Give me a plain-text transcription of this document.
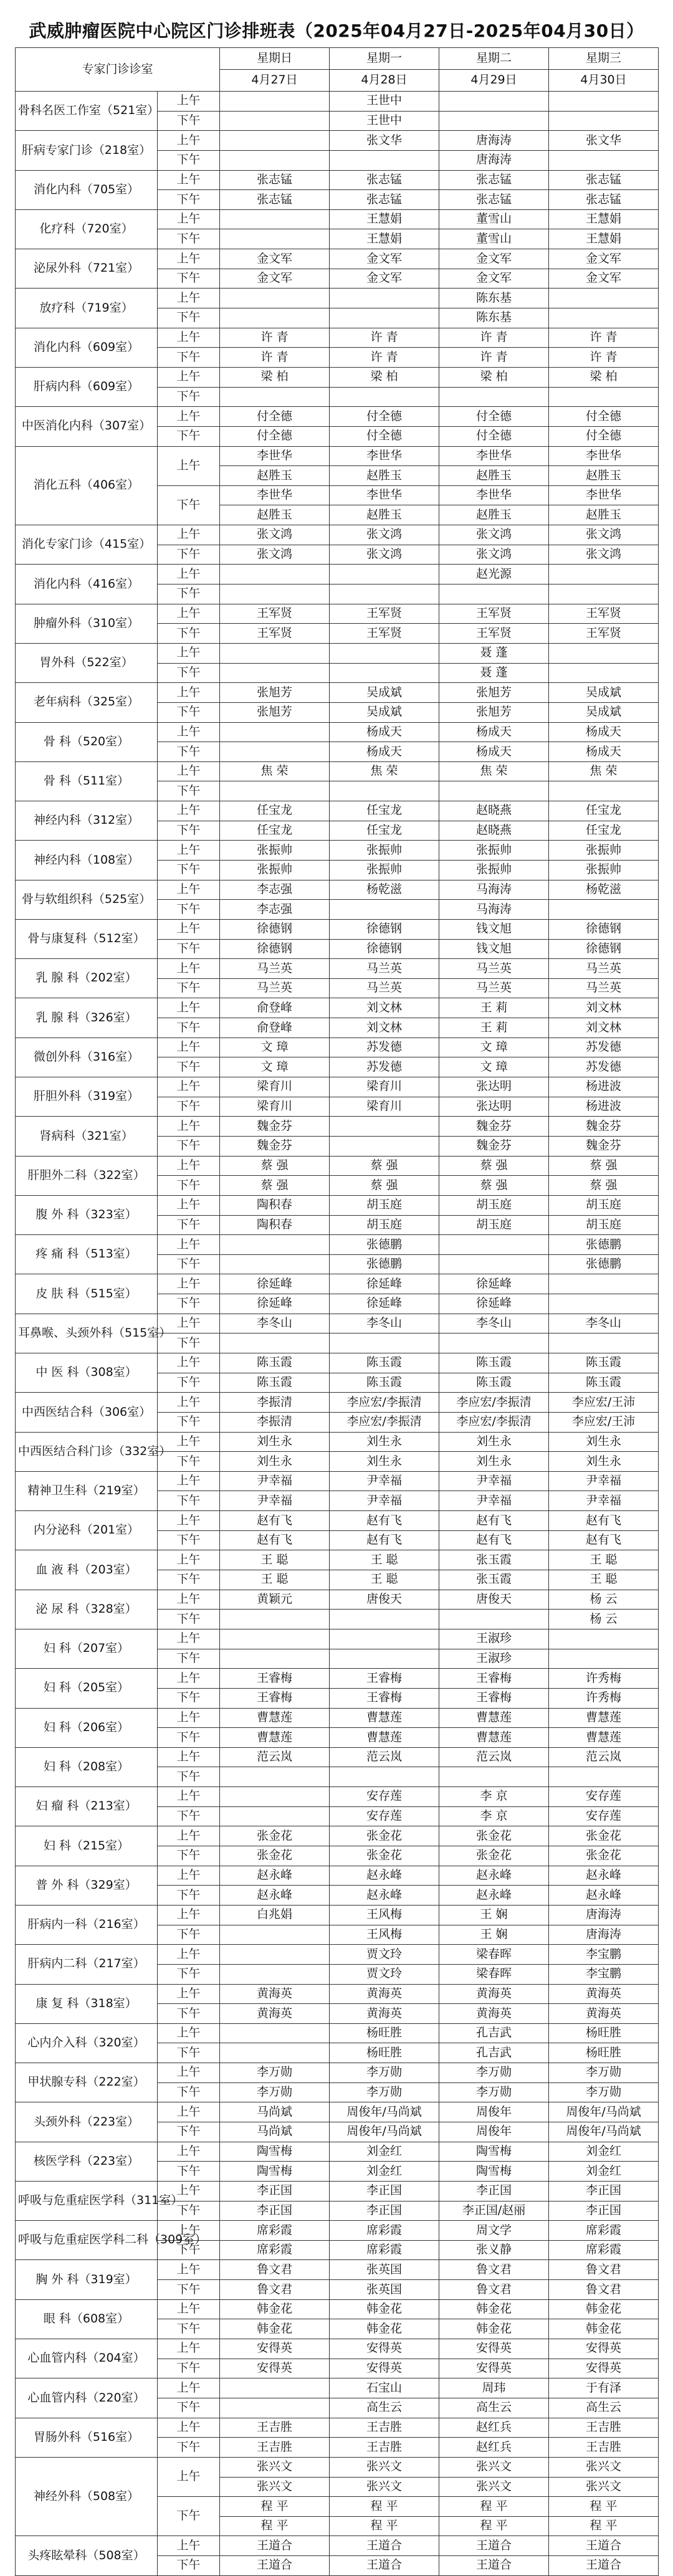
武威肿瘤医院中心院区门诊排班表（2025年04月27日-2025年04月30日）
专家门诊诊室		星期日	星期一	星期二	星期三
		4月27日	4月28日	4月29日	4月30日
骨科名医工作室（521室）	上午		王世中		
	下午		王世中		
肝病专家门诊（218室）	上午		张文华	唐海涛	张文华
	下午			唐海涛	
消化内科（705室）	上午	张志锰	张志锰	张志锰	张志锰
	下午	张志锰	张志锰	张志锰	张志锰
化疗科（720室）	上午		王慧娟	董雪山	王慧娟
	下午		王慧娟	董雪山	王慧娟
泌尿外科（721室）	上午	金文军	金文军	金文军	金文军
	下午	金文军	金文军	金文军	金文军
放疗科（719室）	上午			陈东基	
	下午			陈东基	
消化内科（609室）	上午	许 青	许 青	许 青	许 青
	下午	许 青	许 青	许 青	许 青
肝病内科（609室）	上午	梁 柏	梁 柏	梁 柏	梁 柏
	下午				
中医消化内科（307室）	上午	付全德	付全德	付全德	付全德
	下午	付全德	付全德	付全德	付全德
消化五科（406室）	上午	李世华	李世华	李世华	李世华
		赵胜玉	赵胜玉	赵胜玉	赵胜玉
	下午	李世华	李世华	李世华	李世华
		赵胜玉	赵胜玉	赵胜玉	赵胜玉
消化专家门诊（415室）	上午	张文鸿	张文鸿	张文鸿	张文鸿
	下午	张文鸿	张文鸿	张文鸿	张文鸿
消化内科（416室）	上午			赵光源	
	下午				
肿瘤外科（310室）	上午	王军贤	王军贤	王军贤	王军贤
	下午	王军贤	王军贤	王军贤	王军贤
胃外科（522室）	上午			聂 蓬	
	下午			聂 蓬	
老年病科（325室）	上午	张旭芳	吴成斌	张旭芳	吴成斌
	下午	张旭芳	吴成斌	张旭芳	吴成斌
骨 科（520室）	上午		杨成天	杨成天	杨成天
	下午		杨成天	杨成天	杨成天
骨 科（511室）	上午	焦 荣	焦 荣	焦 荣	焦 荣
	下午				
神经内科（312室）	上午	任宝龙	任宝龙	赵晓燕	任宝龙
	下午	任宝龙	任宝龙	赵晓燕	任宝龙
神经内科（108室）	上午	张振帅	张振帅	张振帅	张振帅
	下午	张振帅	张振帅	张振帅	张振帅
骨与软组织科（525室）	上午	李志强	杨乾滋	马海涛	杨乾滋
	下午	李志强		马海涛	
骨与康复科（512室）	上午	徐德钢	徐德钢	钱文旭	徐德钢
	下午	徐德钢	徐德钢	钱文旭	徐德钢
乳 腺 科（202室）	上午	马兰英	马兰英	马兰英	马兰英
	下午	马兰英	马兰英	马兰英	马兰英
乳 腺 科（326室）	上午	俞登峰	刘文林	王 莉	刘文林
	下午	俞登峰	刘文林	王 莉	刘文林
微创外科（316室）	上午	文 璋	苏发德	文 璋	苏发德
	下午	文 璋	苏发德	文 璋	苏发德
肝胆外科（319室）	上午	梁育川	梁育川	张达明	杨进波
	下午	梁育川	梁育川	张达明	杨进波
肾病科（321室）	上午	魏金芬		魏金芬	魏金芬
	下午	魏金芬		魏金芬	魏金芬
肝胆外二科（322室）	上午	蔡 强	蔡 强	蔡 强	蔡 强
	下午	蔡 强	蔡 强	蔡 强	蔡 强
腹 外 科（323室）	上午	陶积春	胡玉庭	胡玉庭	胡玉庭
	下午	陶积春	胡玉庭	胡玉庭	胡玉庭
疼 痛 科（513室）	上午		张德鹏		张德鹏
	下午		张德鹏		张德鹏
皮 肤 科（515室）	上午	徐延峰	徐延峰	徐延峰	
	下午	徐延峰	徐延峰	徐延峰	
耳鼻喉、头颈外科（515室）	上午	李冬山	李冬山	李冬山	李冬山
	下午				
中 医 科（308室）	上午	陈玉霞	陈玉霞	陈玉霞	陈玉霞
	下午	陈玉霞	陈玉霞	陈玉霞	陈玉霞
中西医结合科（306室）	上午	李振清	李应宏/李振清	李应宏/李振清	李应宏/王沛
	下午	李振清	李应宏/李振清	李应宏/李振清	李应宏/王沛
中西医结合科门诊（332室）	上午	刘生永	刘生永	刘生永	刘生永
	下午	刘生永	刘生永	刘生永	刘生永
精神卫生科（219室）	上午	尹幸福	尹幸福	尹幸福	尹幸福
	下午	尹幸福	尹幸福	尹幸福	尹幸福
内分泌科（201室）	上午	赵有飞	赵有飞	赵有飞	赵有飞
	下午	赵有飞	赵有飞	赵有飞	赵有飞
血 液 科（203室）	上午	王 聪	王 聪	张玉霞	王 聪
	下午	王 聪	王 聪	张玉霞	王 聪
泌 尿 科（328室）	上午	黄颖元	唐俊天	唐俊天	杨 云
	下午				杨 云
妇 科（207室）	上午			王淑珍	
	下午			王淑珍	
妇 科（205室）	上午	王睿梅	王睿梅	王睿梅	许秀梅
	下午	王睿梅	王睿梅	王睿梅	许秀梅
妇 科（206室）	上午	曹慧莲	曹慧莲	曹慧莲	曹慧莲
	下午	曹慧莲	曹慧莲	曹慧莲	曹慧莲
妇 科（208室）	上午	范云岚	范云岚	范云岚	范云岚
	下午				
妇 瘤 科（213室）	上午		安存莲	李 京	安存莲
	下午		安存莲	李 京	安存莲
妇 科（215室）	上午	张金花	张金花	张金花	张金花
	下午	张金花	张金花	张金花	张金花
普 外 科（329室）	上午	赵永峰	赵永峰	赵永峰	赵永峰
	下午	赵永峰	赵永峰	赵永峰	赵永峰
肝病内一科（216室）	上午	白兆娟	王风梅	王 娴	唐海涛
	下午		王风梅	王 娴	唐海涛
肝病内二科（217室）	上午		贾文玲	梁春晖	李宝鹏
	下午		贾文玲	梁春晖	李宝鹏
康 复 科（318室）	上午	黄海英	黄海英	黄海英	黄海英
	下午	黄海英	黄海英	黄海英	黄海英
心内介入科（320室）	上午		杨旺胜	孔吉武	杨旺胜
	下午		杨旺胜	孔吉武	杨旺胜
甲状腺专科（222室）	上午	李万勋	李万勋	李万勋	李万勋
	下午	李万勋	李万勋	李万勋	李万勋
头颈外科（223室）	上午	马尚斌	周俊年/马尚斌	周俊年	周俊年/马尚斌
	下午	马尚斌	周俊年/马尚斌	周俊年	周俊年/马尚斌
核医学科（223室）	上午	陶雪梅	刘金红	陶雪梅	刘金红
	下午	陶雪梅	刘金红	陶雪梅	刘金红
呼吸与危重症医学科（311室）	上午	李正国	李正国	李正国	李正国
	下午	李正国	李正国	李正国/赵丽	李正国
呼吸与危重症医学科二科（309室）	上午	席彩霞	席彩霞	周文学	席彩霞
	下午	席彩霞	席彩霞	张义静	席彩霞
胸 外 科（319室）	上午	鲁文君	张英国	鲁文君	鲁文君
	下午	鲁文君	张英国	鲁文君	鲁文君
眼 科（608室）	上午	韩金花	韩金花	韩金花	韩金花
	下午	韩金花	韩金花	韩金花	韩金花
心血管内科（204室）	上午	安得英	安得英	安得英	安得英
	下午	安得英	安得英	安得英	安得英
心血管内科（220室）	上午		石宝山	周玮	于有泽
	下午		高生云	高生云	高生云
胃肠外科（516室）	上午	王吉胜	王吉胜	赵红兵	王吉胜
	下午	王吉胜	王吉胜	赵红兵	王吉胜
神经外科（508室）	上午	张兴文	张兴文	张兴文	张兴文
		张兴文	张兴文	张兴文	张兴文
	下午	程 平	程 平	程 平	程 平
		程 平	程 平	程 平	程 平
头疼眩晕科（508室）	上午	王道合	王道合	王道合	王道合
	下午	王道合	王道合	王道合	王道合
